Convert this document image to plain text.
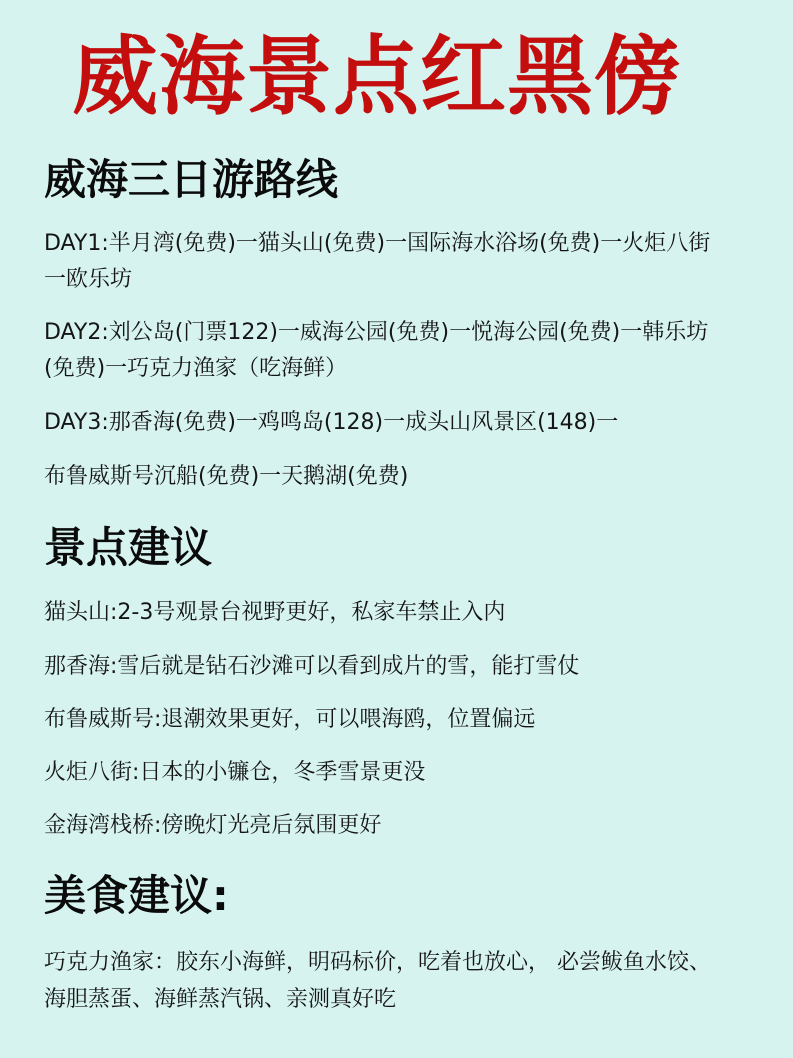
威海景点红黑傍
威海三日游路线

DAY1:半月湾(免费)一猫头山(免费)一国际海水浴场(免费)一火炬八街

一欧乐坊

DAY2:刘公岛(门票122)一威海公园(免费)一悦海公园(免费)一韩乐坊

(免费)一巧克力渔家（吃海鲜）

DAY3:那香海(免费)一鸡鸣岛(128)一成头山风景区(148)一

布鲁威斯号沉船(免费)一天鹅湖(免费)

景点建议

猫头山:2-3号观景台视野更好，私家车禁止入内

那香海:雪后就是钻石沙滩可以看到成片的雪，能打雪仗

布鲁威斯号:退潮效果更好，可以喂海鸥，位置偏远

火炬八街:日本的小镰仓，冬季雪景更没

金海湾栈桥:傍晚灯光亮后氛围更好

美食建议:

巧克力渔家：胶东小海鲜，明码标价，吃着也放心， 必尝鲅鱼水饺、

海胆蒸蛋、海鲜蒸汽锅、亲测真好吃
